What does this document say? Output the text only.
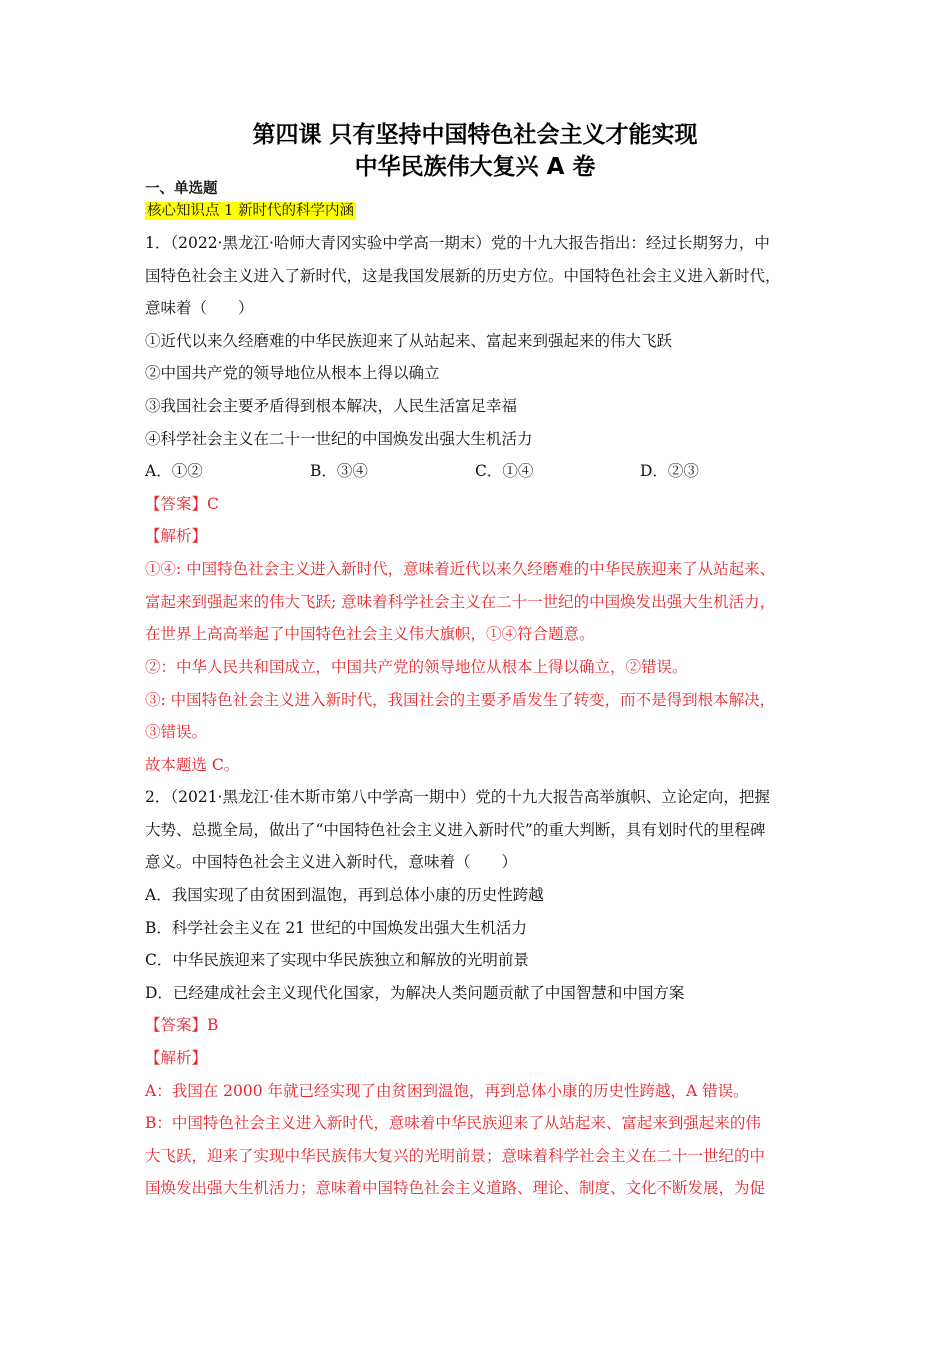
第四课 只有坚持中国特色社会主义才能实现
中华民族伟大复兴 A 卷
一、单选题
核心知识点 1 新时代的科学内涵
1．（2022·黑龙江·哈师大青冈实验中学高一期末）党的十九大报告指出：经过长期努力，中
国特色社会主义进入了新时代，这是我国发展新的历史方位。中国特色社会主义进入新时代，
意味着（　　）
①近代以来久经磨难的中华民族迎来了从站起来、富起来到强起来的伟大飞跃
②中国共产党的领导地位从根本上得以确立
③我国社会主要矛盾得到根本解决，人民生活富足幸福
④科学社会主义在二十一世纪的中国焕发出强大生机活力
A．①②	B．③④	C．①④	D．②③
【答案】C
【解析】
①④: 中国特色社会主义进入新时代，意味着近代以来久经磨难的中华民族迎来了从站起来、
富起来到强起来的伟大飞跃; 意味着科学社会主义在二十一世纪的中国焕发出强大生机活力，
在世界上高高举起了中国特色社会主义伟大旗帜，①④符合题意。
②：中华人民共和国成立，中国共产党的领导地位从根本上得以确立，②错误。
③: 中国特色社会主义进入新时代，我国社会的主要矛盾发生了转变，而不是得到根本解决，
③错误。
故本题选 C。
2．（2021·黑龙江·佳木斯市第八中学高一期中）党的十九大报告高举旗帜、立论定向，把握
大势、总揽全局，做出了“中国特色社会主义进入新时代”的重大判断，具有划时代的里程碑
意义。中国特色社会主义进入新时代，意味着（　　）
A．我国实现了由贫困到温饱，再到总体小康的历史性跨越
B．科学社会主义在 21 世纪的中国焕发出强大生机活力
C．中华民族迎来了实现中华民族独立和解放的光明前景
D．已经建成社会主义现代化国家，为解决人类问题贡献了中国智慧和中国方案
【答案】B
【解析】
A：我国在 2000 年就已经实现了由贫困到温饱，再到总体小康的历史性跨越，A 错误。
B：中国特色社会主义进入新时代，意味着中华民族迎来了从站起来、富起来到强起来的伟
大飞跃，迎来了实现中华民族伟大复兴的光明前景；意味着科学社会主义在二十一世纪的中
国焕发出强大生机活力；意味着中国特色社会主义道路、理论、制度、文化不断发展，为促
